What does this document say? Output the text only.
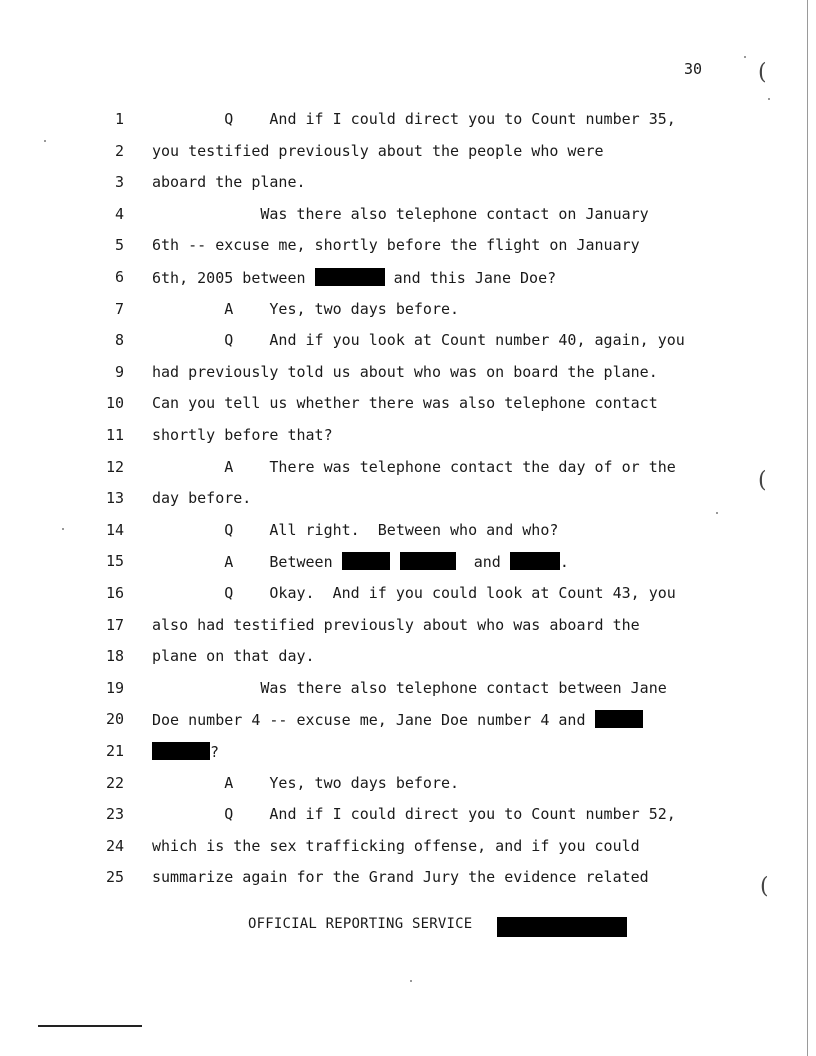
30
1 Q    And if I could direct you to Count number 35,
2 you testified previously about the people who were
3 aboard the plane.
4 Was there also telephone contact on January
5 6th -- excuse me, shortly before the flight on January
6 6th, 2005 between	and this Jane Doe?
7 A    Yes, two days before.
8 Q    And if you look at Count number 40, again, you
9 had previously told us about who was on board the plane.
10 Can you tell us whether there was also telephone contact
11 shortly before that?
12 A    There was telephone contact the day of or the
13 day before.
14 Q    All right.  Between who and who?
15 A    Between	and	.
16 Q    Okay.  And if you could look at Count 43, you
17 also had testified previously about who was aboard the
18 plane on that day.
19 Was there also telephone contact between Jane
20 Doe number 4 -- excuse me, Jane Doe number 4 and
21	?
22 A    Yes, two days before.
23 Q    And if I could direct you to Count number 52,
24 which is the sex trafficking offense, and if you could
25 summarize again for the Grand Jury the evidence related
OFFICIAL REPORTING SERVICE
(
(
(
